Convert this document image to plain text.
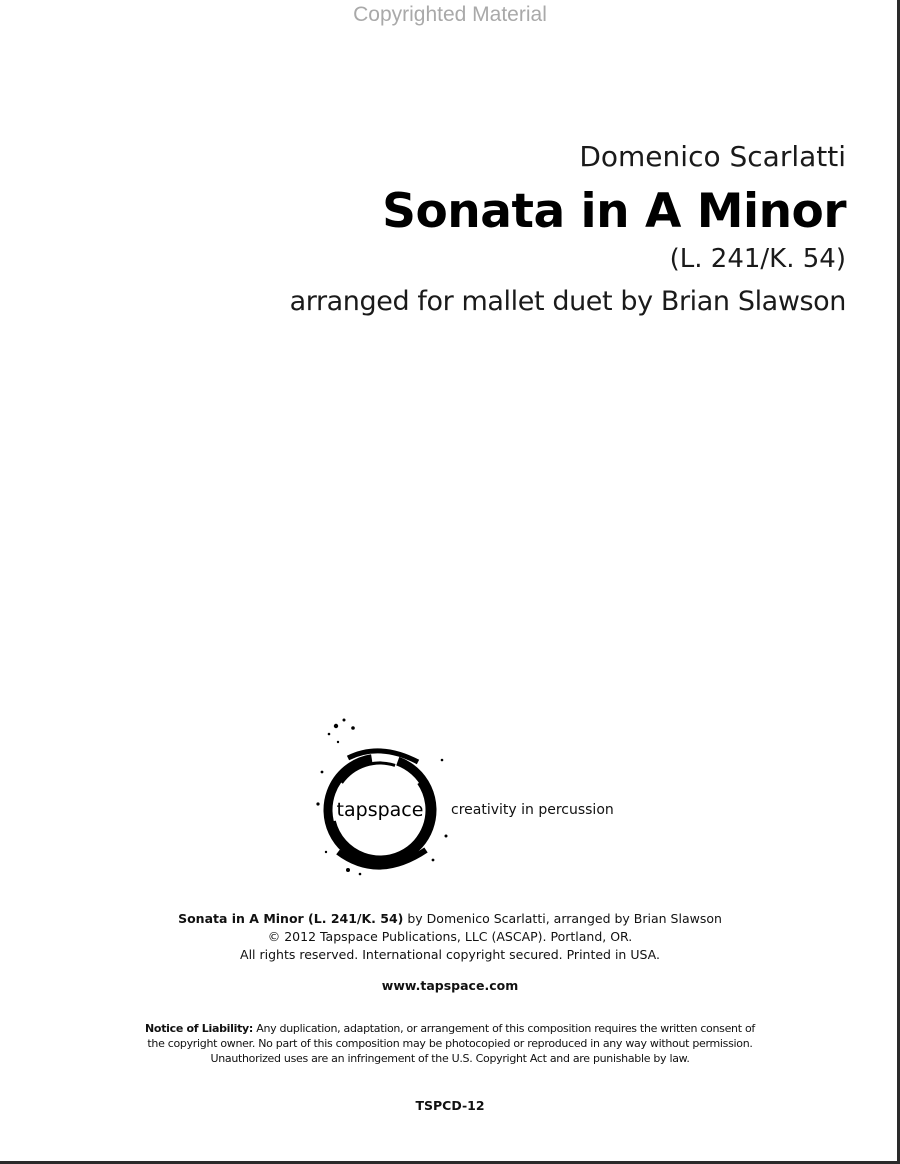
Copyrighted Material
Domenico Scarlatti
Sonata in A Minor
(L. 241/K. 54)
arranged for mallet duet by Brian Slawson
tapspace creativity in percussion
Sonata in A Minor (L. 241/K. 54) by Domenico Scarlatti, arranged by Brian Slawson
© 2012 Tapspace Publications, LLC (ASCAP). Portland, OR.
All rights reserved. International copyright secured. Printed in USA.
www.tapspace.com
Notice of Liability: Any duplication, adaptation, or arrangement of this composition requires the written consent of
the copyright owner. No part of this composition may be photocopied or reproduced in any way without permission.
Unauthorized uses are an infringement of the U.S. Copyright Act and are punishable by law.
TSPCD-12
